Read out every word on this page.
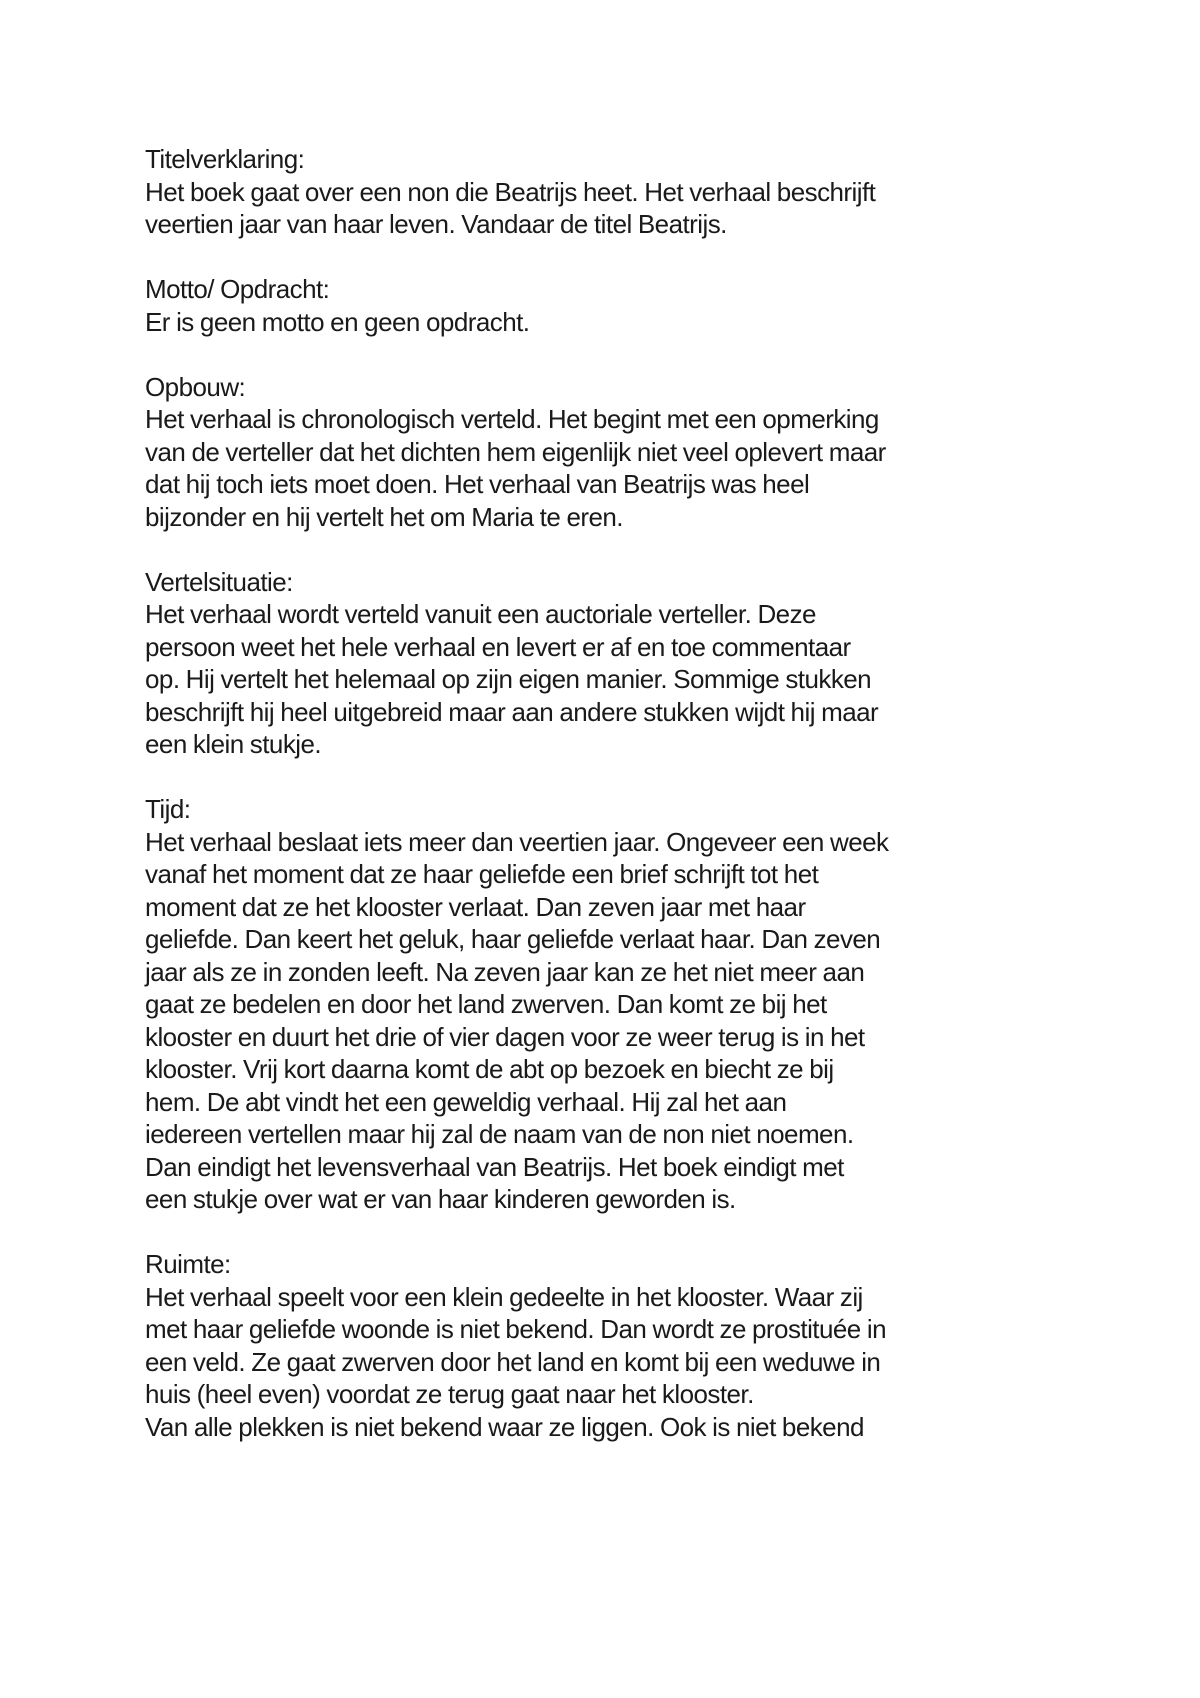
Titelverklaring:
Het boek gaat over een non die Beatrijs heet. Het verhaal beschrijft
veertien jaar van haar leven. Vandaar de titel Beatrijs.
Motto/ Opdracht:
Er is geen motto en geen opdracht.
Opbouw:
Het verhaal is chronologisch verteld. Het begint met een opmerking
van de verteller dat het dichten hem eigenlijk niet veel oplevert maar
dat hij toch iets moet doen. Het verhaal van Beatrijs was heel
bijzonder en hij vertelt het om Maria te eren.
Vertelsituatie:
Het verhaal wordt verteld vanuit een auctoriale verteller. Deze
persoon weet het hele verhaal en levert er af en toe commentaar
op. Hij vertelt het helemaal op zijn eigen manier. Sommige stukken
beschrijft hij heel uitgebreid maar aan andere stukken wijdt hij maar
een klein stukje.
Tijd:
Het verhaal beslaat iets meer dan veertien jaar. Ongeveer een week
vanaf het moment dat ze haar geliefde een brief schrijft tot het
moment dat ze het klooster verlaat. Dan zeven jaar met haar
geliefde. Dan keert het geluk, haar geliefde verlaat haar. Dan zeven
jaar als ze in zonden leeft. Na zeven jaar kan ze het niet meer aan
gaat ze bedelen en door het land zwerven. Dan komt ze bij het
klooster en duurt het drie of vier dagen voor ze weer terug is in het
klooster. Vrij kort daarna komt de abt op bezoek en biecht ze bij
hem. De abt vindt het een geweldig verhaal. Hij zal het aan
iedereen vertellen maar hij zal de naam van de non niet noemen.
Dan eindigt het levensverhaal van Beatrijs. Het boek eindigt met
een stukje over wat er van haar kinderen geworden is.
Ruimte:
Het verhaal speelt voor een klein gedeelte in het klooster. Waar zij
met haar geliefde woonde is niet bekend. Dan wordt ze prostituée in
een veld. Ze gaat zwerven door het land en komt bij een weduwe in
huis (heel even) voordat ze terug gaat naar het klooster.
Van alle plekken is niet bekend waar ze liggen. Ook is niet bekend
